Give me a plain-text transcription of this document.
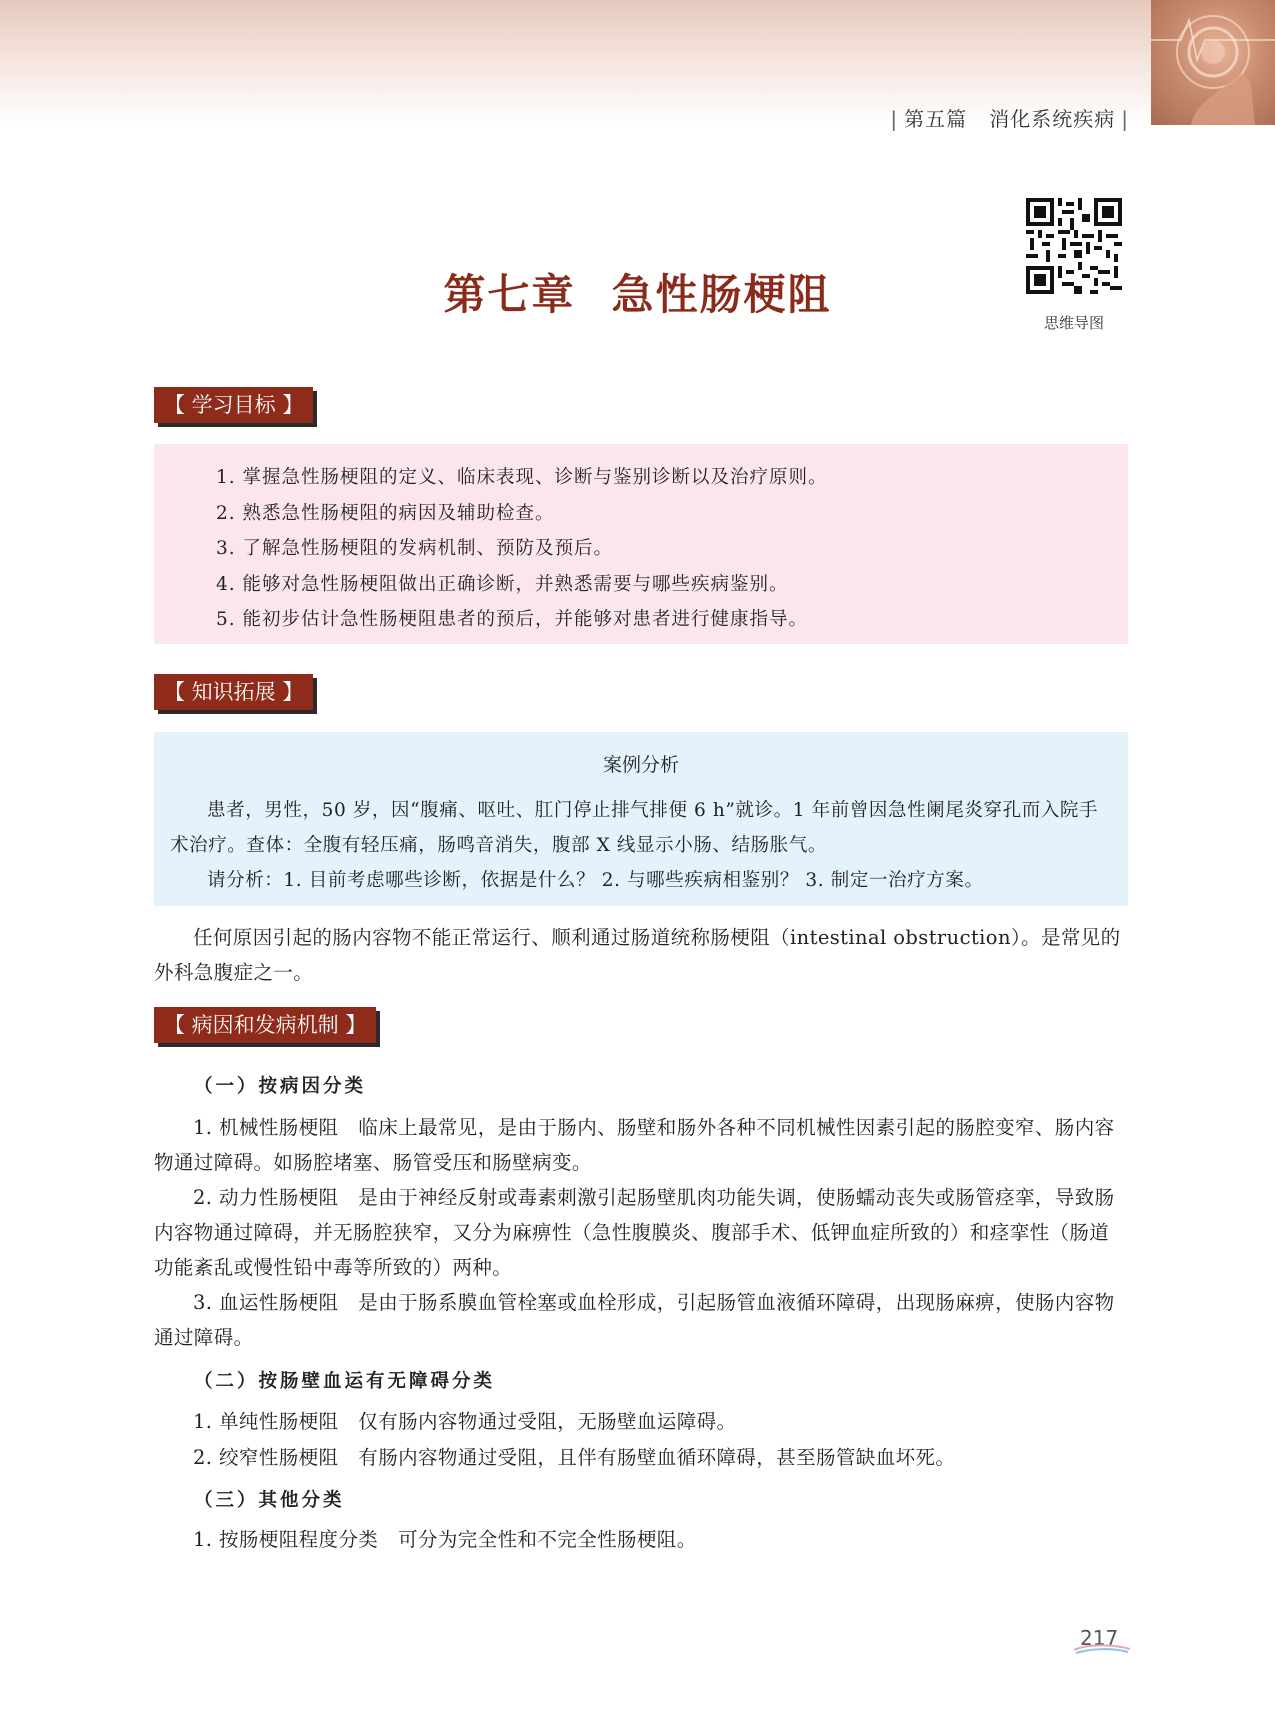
| 第五篇 消化系统疾病 |
第七章 急性肠梗阻
思维导图
【 学习目标 】
1. 掌握急性肠梗阻的定义、临床表现、诊断与鉴别诊断以及治疗原则。
2. 熟悉急性肠梗阻的病因及辅助检查。
3. 了解急性肠梗阻的发病机制、预防及预后。
4. 能够对急性肠梗阻做出正确诊断，并熟悉需要与哪些疾病鉴别。
5. 能初步估计急性肠梗阻患者的预后，并能够对患者进行健康指导。
【 知识拓展 】
案例分析

患者，男性，50 岁，因“腹痛、呕吐、肛门停止排气排便 6 h”就诊。1 年前曾因急性阑尾炎穿孔而入院手术治疗。查体：全腹有轻压痛，肠鸣音消失，腹部 X 线显示小肠、结肠胀气。

请分析：1. 目前考虑哪些诊断，依据是什么？ 2. 与哪些疾病相鉴别？ 3. 制定一治疗方案。

任何原因引起的肠内容物不能正常运行、顺利通过肠道统称肠梗阻（intestinal obstruction）。是常见的外科急腹症之一。

【 病因和发病机制 】
（一）按病因分类

1. 机械性肠梗阻　临床上最常见，是由于肠内、肠壁和肠外各种不同机械性因素引起的肠腔变窄、肠内容物通过障碍。如肠腔堵塞、肠管受压和肠壁病变。

2. 动力性肠梗阻　是由于神经反射或毒素刺激引起肠壁肌肉功能失调，使肠蠕动丧失或肠管痉挛，导致肠内容物通过障碍，并无肠腔狭窄，又分为麻痹性（急性腹膜炎、腹部手术、低钾血症所致的）和痉挛性（肠道功能紊乱或慢性铅中毒等所致的）两种。

3. 血运性肠梗阻　是由于肠系膜血管栓塞或血栓形成，引起肠管血液循环障碍，出现肠麻痹，使肠内容物通过障碍。

（二）按肠壁血运有无障碍分类

1. 单纯性肠梗阻　仅有肠内容物通过受阻，无肠壁血运障碍。

2. 绞窄性肠梗阻　有肠内容物通过受阻，且伴有肠壁血循环障碍，甚至肠管缺血坏死。

（三）其他分类

1. 按肠梗阻程度分类　可分为完全性和不完全性肠梗阻。

217
